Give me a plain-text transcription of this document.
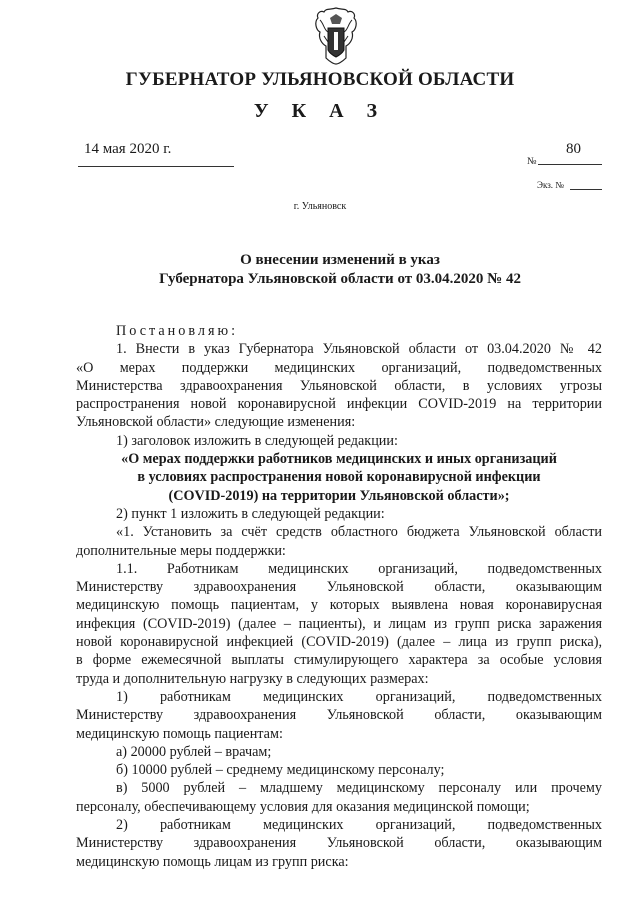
ГУБЕРНАТОР УЛЬЯНОВСКОЙ ОБЛАСТИ
У К А З
14 мая 2020 г.
№
80
Экз. №
г. Ульяновск
О внесении изменений в указ
Губернатора Ульяновской области от 03.04.2020 № 42
Постановляю:
1. Внести в указ Губернатора Ульяновской области от 03.04.2020 № 42
«О мерах поддержки медицинских организаций, подведомственных
Министерства здравоохранения Ульяновской области, в условиях угрозы
распространения новой коронавирусной инфекции COVID-2019 на территории
Ульяновской области» следующие изменения:
1) заголовок изложить в следующей редакции:
«О мерах поддержки работников медицинских и иных организаций
в условиях распространения новой коронавирусной инфекции
(COVID-2019) на территории Ульяновской области»;
2) пункт 1 изложить в следующей редакции:
«1. Установить за счёт средств областного бюджета Ульяновской области
дополнительные меры поддержки:
1.1. Работникам медицинских организаций, подведомственных
Министерству здравоохранения Ульяновской области, оказывающим
медицинскую помощь пациентам, у которых выявлена новая коронавирусная
инфекция (COVID-2019) (далее – пациенты), и лицам из групп риска заражения
новой коронавирусной инфекцией (COVID-2019) (далее – лица из групп риска),
в форме ежемесячной выплаты стимулирующего характера за особые условия
труда и дополнительную нагрузку в следующих размерах:
1) работникам медицинских организаций, подведомственных
Министерству здравоохранения Ульяновской области, оказывающим
медицинскую помощь пациентам:
а) 20000 рублей – врачам;
б) 10000 рублей – среднему медицинскому персоналу;
в) 5000 рублей – младшему медицинскому персоналу или прочему
персоналу, обеспечивающему условия для оказания медицинской помощи;
2) работникам медицинских организаций, подведомственных
Министерству здравоохранения Ульяновской области, оказывающим
медицинскую помощь лицам из групп риска:
